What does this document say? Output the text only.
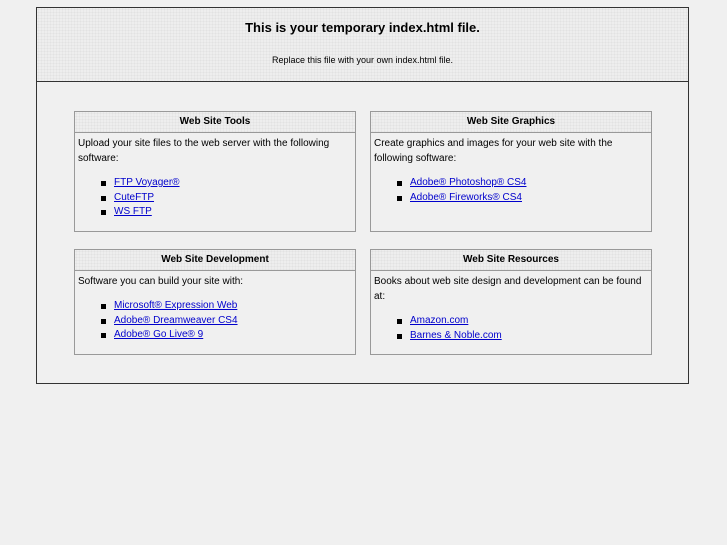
This is your temporary index.html file.

Replace this file with your own index.html file.

Web Site Tools

Upload your site files to the web server with the following software:

FTP Voyager®
CuteFTP
WS FTP
Web Site Graphics

Create graphics and images for your web site with the following software:

Adobe® Photoshop® CS4
Adobe® Fireworks® CS4
Web Site Development

Software you can build your site with:

Microsoft® Expression Web
Adobe® Dreamweaver CS4
Adobe® Go Live® 9
Web Site Resources

Books about web site design and development can be found at:

Amazon.com
Barnes & Noble.com
